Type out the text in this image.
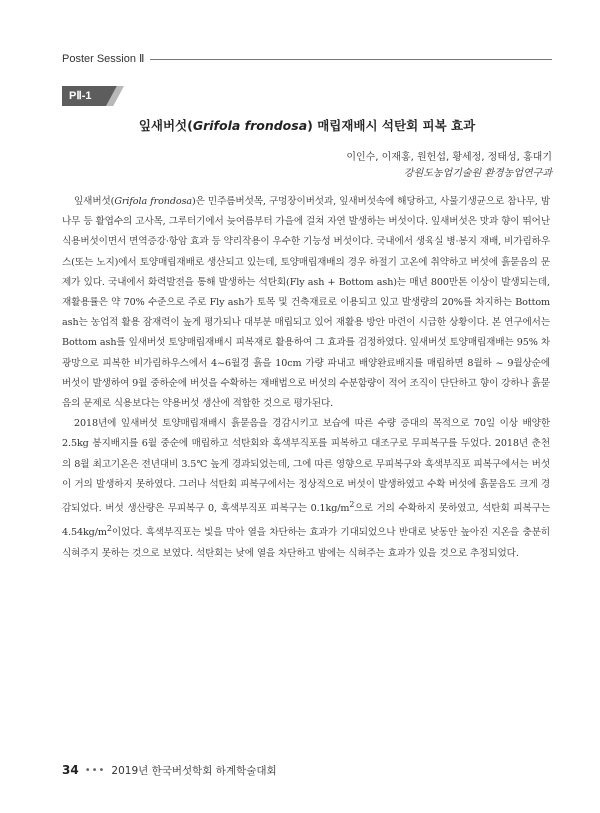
Poster Session Ⅱ
PⅡ-1
잎새버섯(Grifola frondosa) 매립재배시 석탄회 피복 효과
이인수, 이재홍, 원헌섭, 황세정, 정태성, 홍대기
강원도농업기술원 환경농업연구과

잎새버섯(Grifola frondosa)은 민주름버섯목, 구멍장이버섯과, 잎새버섯속에 해당하고, 사물기생균으로 참나무, 밤나무 등 활엽수의 고사목, 그루터기에서 늦여름부터 가을에 걸쳐 자연 발생하는 버섯이다. 잎새버섯은 맛과 향이 뛰어난 식용버섯이면서 면역증강·항암 효과 등 약리작용이 우수한 기능성 버섯이다. 국내에서 생육실 병·봉지 재배, 비가림하우스(또는 노지)에서 토양매립재배로 생산되고 있는데, 토양매립재배의 경우 하절기 고온에 취약하고 버섯에 흙묻음의 문제가 있다. 국내에서 화력발전을 통해 발생하는 석탄회(Fly ash + Bottom ash)는 매년 800만톤 이상이 발생되는데, 재활용률은 약 70% 수준으로 주로 Fly ash가 토목 및 건축재료로 이용되고 있고 발생량의 20%를 차지하는 Bottom ash는 농업적 활용 잠재력이 높게 평가되나 대부분 매립되고 있어 재활용 방안 마련이 시급한 상황이다. 본 연구에서는 Bottom ash를 잎새버섯 토양매립재배시 피복재로 활용하여 그 효과를 검정하였다. 잎새버섯 토양매립재배는 95% 차광망으로 피복한 비가림하우스에서 4~6월경 흙을 10cm 가량 파내고 배양완료배지를 매립하면 8월하 ~ 9월상순에 버섯이 발생하여 9월 중하순에 버섯을 수확하는 재배법으로 버섯의 수분함량이 적어 조직이 단단하고 향이 강하나 흙묻음의 문제로 식용보다는 약용버섯 생산에 적합한 것으로 평가된다.

2018년에 잎새버섯 토양매립재배시 흙묻음을 경감시키고 보습에 따른 수량 증대의 목적으로 70일 이상 배양한 2.5kg 봉지배지를 6월 중순에 매립하고 석탄회와 흑색부직포를 피복하고 대조구로 무피복구를 두었다. 2018년 춘천의 8월 최고기온은 전년대비 3.5℃ 높게 경과되었는데, 그에 따른 영향으로 무피복구와 흑색부직포 피복구에서는 버섯이 거의 발생하지 못하였다. 그러나 석탄회 피복구에서는 정상적으로 버섯이 발생하였고 수확 버섯에 흙묻음도 크게 경감되었다. 버섯 생산량은 무피복구 0, 흑색부직포 피복구는 $0.1kg/m^2$으로 거의 수확하지 못하였고, 석탄회 피복구는 $4.54kg/m^2$이었다. 흑색부직포는 빛을 막아 열을 차단하는 효과가 기대되었으나 반대로 낮동안 높아진 지온을 충분히 식혀주지 못하는 것으로 보였다. 석탄회는 낮에 열을 차단하고 밤에는 식혀주는 효과가 있을 것으로 추정되었다.

34 ••• 2019년 한국버섯학회 하계학술대회
